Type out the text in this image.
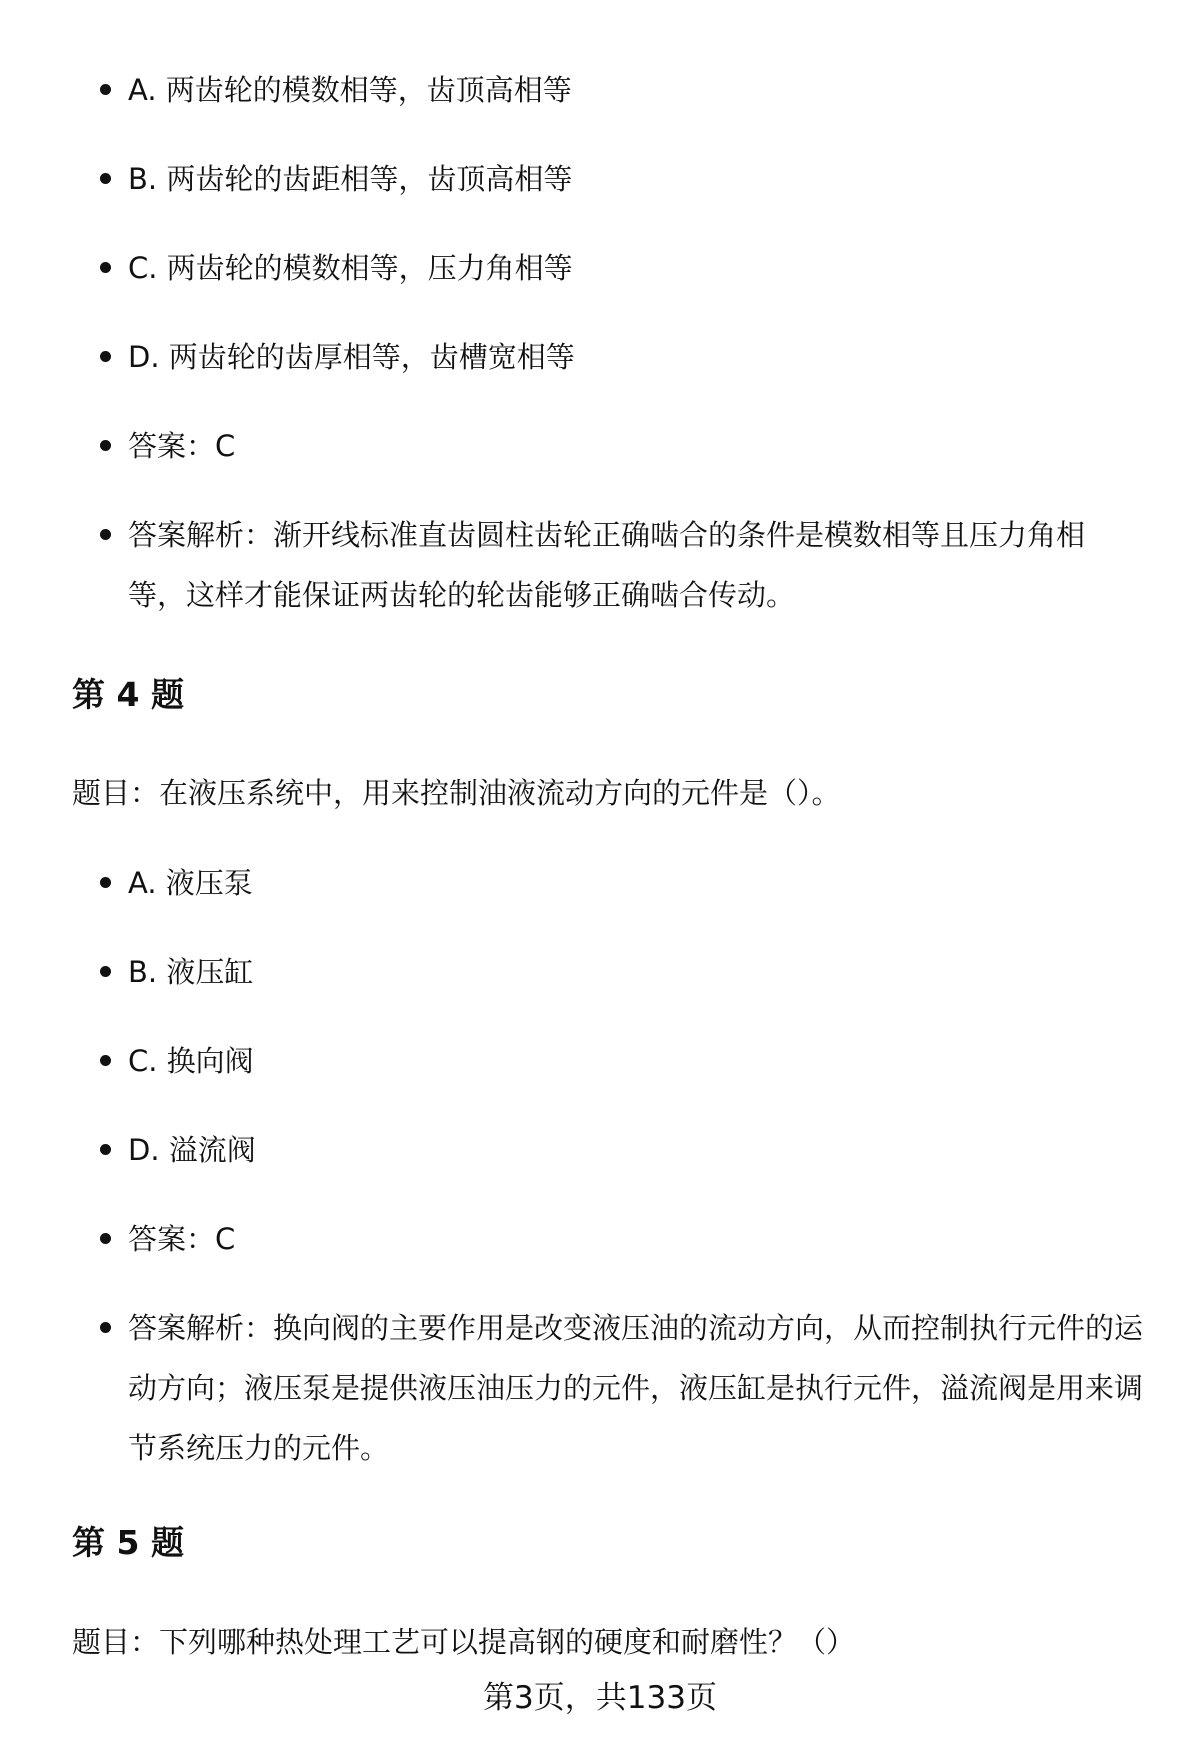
A. 两齿轮的模数相等，齿顶高相等
B. 两齿轮的齿距相等，齿顶高相等
C. 两齿轮的模数相等，压力角相等
D. 两齿轮的齿厚相等，齿槽宽相等
答案：C
答案解析：渐开线标准直齿圆柱齿轮正确啮合的条件是模数相等且压力角相等，这样才能保证两齿轮的轮齿能够正确啮合传动。
第 4 题
题目：在液压系统中，用来控制油液流动方向的元件是（）。
A. 液压泵
B. 液压缸
C. 换向阀
D. 溢流阀
答案：C
答案解析：换向阀的主要作用是改变液压油的流动方向，从而控制执行元件的运动方向；液压泵是提供液压油压力的元件，液压缸是执行元件，溢流阀是用来调节系统压力的元件。
第 5 题
题目：下列哪种热处理工艺可以提高钢的硬度和耐磨性？（）
第3页，共133页
